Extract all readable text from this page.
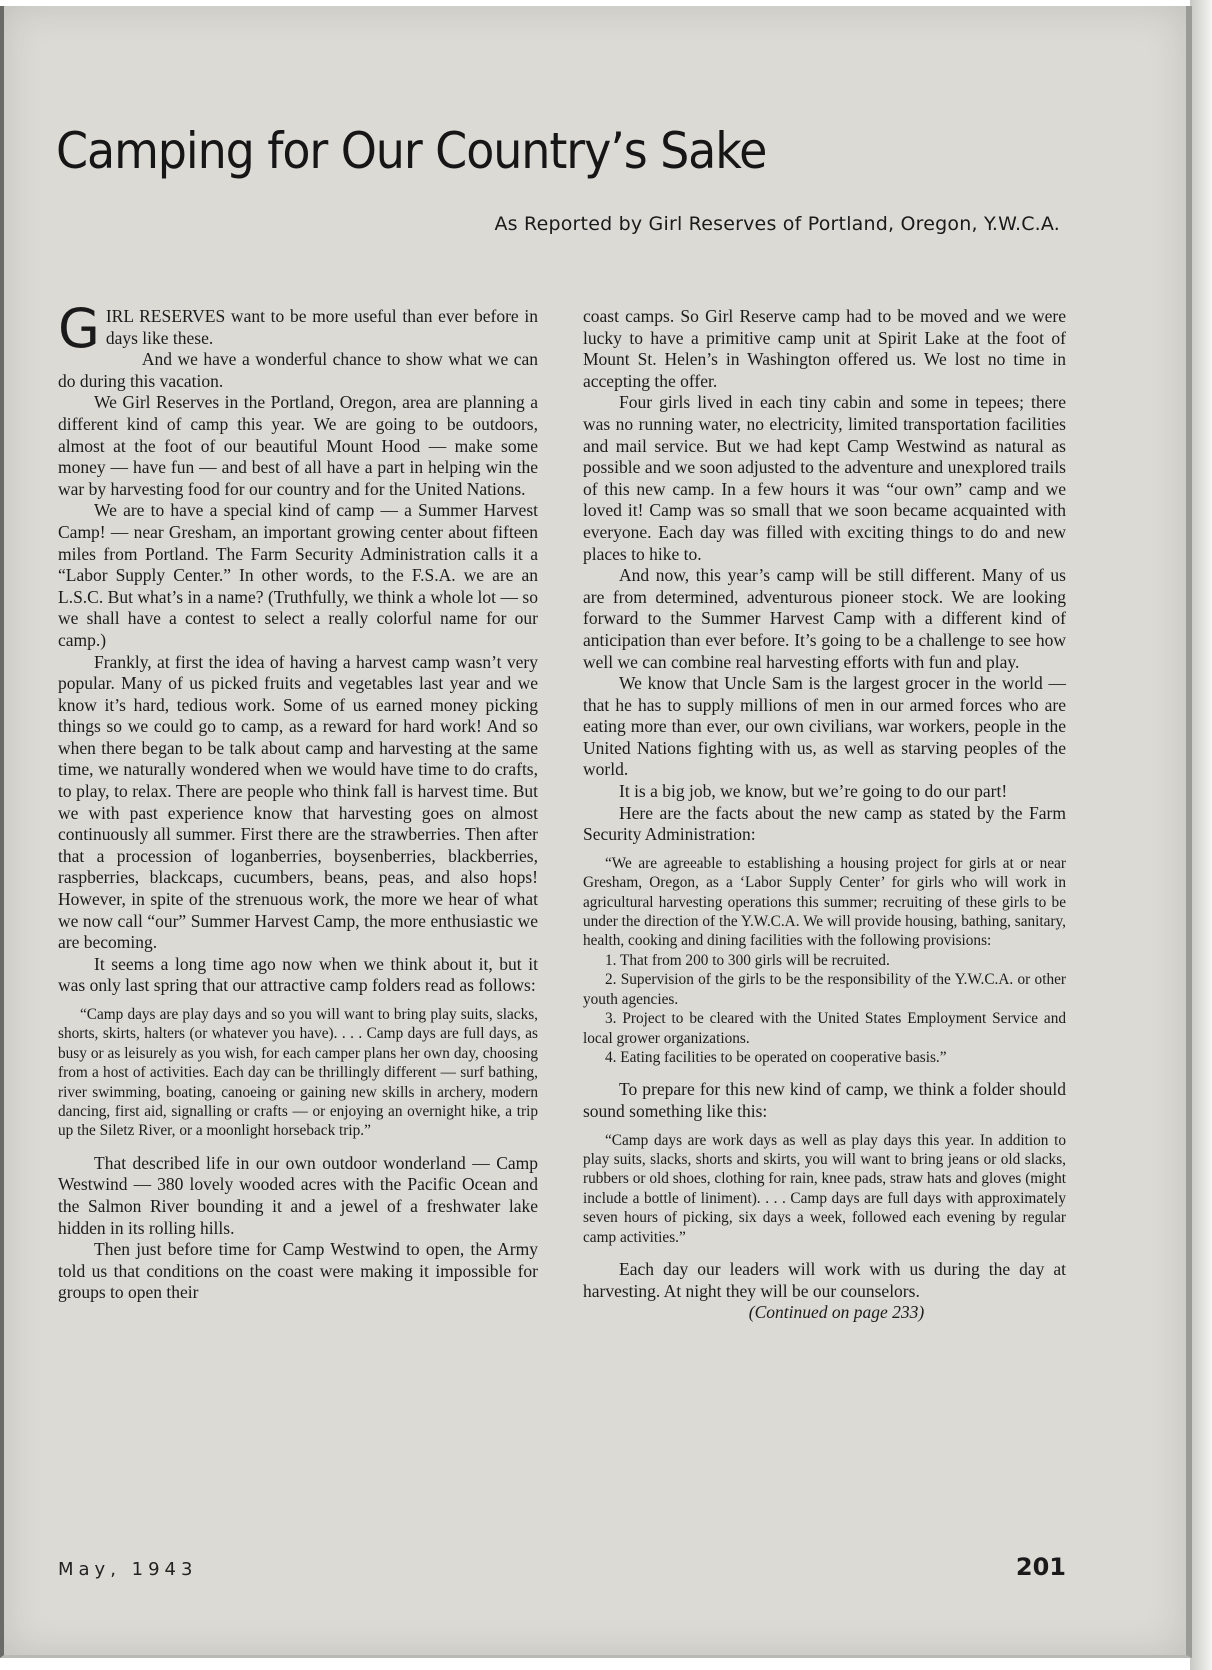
Camping for Our Country’s Sake
As Reported by Girl Reserves of Portland, Oregon, Y.W.C.A.

GIRL RESERVES want to be more useful than ever before in days like these.

And we have a wonderful chance to show what we can do during this vacation.

We Girl Reserves in the Portland, Oregon, area are planning a different kind of camp this year. We are going to be outdoors, almost at the foot of our beautiful Mount Hood — make some money — have fun — and best of all have a part in helping win the war by harvesting food for our country and for the United Nations.

We are to have a special kind of camp — a Summer Harvest Camp! — near Gresham, an important growing center about fifteen miles from Portland. The Farm Security Administration calls it a “Labor Supply Center.” In other words, to the F.S.A. we are an L.S.C. But what’s in a name? (Truthfully, we think a whole lot — so we shall have a contest to select a really colorful name for our camp.)

Frankly, at first the idea of having a harvest camp wasn’t very popular. Many of us picked fruits and vegetables last year and we know it’s hard, tedious work. Some of us earned money picking things so we could go to camp, as a reward for hard work! And so when there began to be talk about camp and harvesting at the same time, we naturally wondered when we would have time to do crafts, to play, to relax. There are people who think fall is harvest time. But we with past experience know that harvesting goes on almost continuously all summer. First there are the strawberries. Then after that a procession of loganberries, boysenberries, blackberries, raspberries, blackcaps, cucumbers, beans, peas, and also hops! However, in spite of the strenuous work, the more we hear of what we now call “our” Summer Harvest Camp, the more enthusiastic we are becoming.

It seems a long time ago now when we think about it, but it was only last spring that our attractive camp folders read as follows:

“Camp days are play days and so you will want to bring play suits, slacks, shorts, skirts, halters (or whatever you have). . . . Camp days are full days, as busy or as leisurely as you wish, for each camper plans her own day, choosing from a host of activities. Each day can be thrillingly different — surf bathing, river swimming, boating, canoeing or gaining new skills in archery, modern dancing, first aid, signalling or crafts — or enjoying an overnight hike, a trip up the Siletz River, or a moonlight horseback trip.”

That described life in our own outdoor wonderland — Camp Westwind — 380 lovely wooded acres with the Pacific Ocean and the Salmon River bounding it and a jewel of a freshwater lake hidden in its rolling hills.

Then just before time for Camp Westwind to open, the Army told us that conditions on the coast were making it impossible for groups to open their

coast camps. So Girl Reserve camp had to be moved and we were lucky to have a primitive camp unit at Spirit Lake at the foot of Mount St. Helen’s in Washington offered us. We lost no time in accepting the offer.

Four girls lived in each tiny cabin and some in tepees; there was no running water, no electricity, limited transportation facilities and mail service. But we had kept Camp Westwind as natural as possible and we soon adjusted to the adventure and unexplored trails of this new camp. In a few hours it was “our own” camp and we loved it! Camp was so small that we soon became acquainted with everyone. Each day was filled with exciting things to do and new places to hike to.

And now, this year’s camp will be still different. Many of us are from determined, adventurous pioneer stock. We are looking forward to the Summer Harvest Camp with a different kind of anticipation than ever before. It’s going to be a challenge to see how well we can combine real harvesting efforts with fun and play.

We know that Uncle Sam is the largest grocer in the world — that he has to supply millions of men in our armed forces who are eating more than ever, our own civilians, war workers, people in the United Nations fighting with us, as well as starving peoples of the world.

It is a big job, we know, but we’re going to do our part!

Here are the facts about the new camp as stated by the Farm Security Administration:

“We are agreeable to establishing a housing project for girls at or near Gresham, Oregon, as a ‘Labor Supply Center’ for girls who will work in agricultural harvesting operations this summer; recruiting of these girls to be under the direction of the Y.W.C.A. We will provide housing, bathing, sanitary, health, cooking and dining facilities with the following provisions:

1. That from 200 to 300 girls will be recruited.

2. Supervision of the girls to be the responsibility of the Y.W.C.A. or other youth agencies.

3. Project to be cleared with the United States Employment Service and local grower organizations.

4. Eating facilities to be operated on cooperative basis.”

To prepare for this new kind of camp, we think a folder should sound something like this:

“Camp days are work days as well as play days this year. In addition to play suits, slacks, shorts and skirts, you will want to bring jeans or old slacks, rubbers or old shoes, clothing for rain, knee pads, straw hats and gloves (might include a bottle of liniment). . . . Camp days are full days with approximately seven hours of picking, six days a week, followed each evening by regular camp activities.”

Each day our leaders will work with us during the day at harvesting. At night they will be our counselors.

(Continued on page 233)

May, 1943	201
